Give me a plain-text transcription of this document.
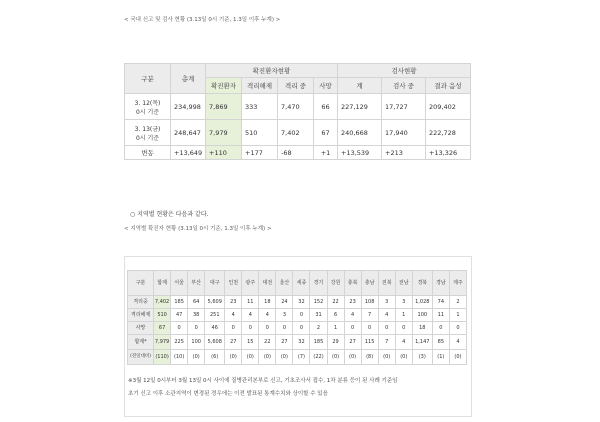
< 국내 신고 및 검사 현황 (3.13일 0시 기준, 1.3일 이후 누계) >
구분	총계	확진환자현황				검사현황		
		확진환자	격리해제	격리 중	사망	계	검사 중	결과 음성

3. 12(목)
0시 기준	234,998	7,869	333	7,470	66	227,129	17,727	209,402

3. 13(금)
0시 기준	248,647	7,979	510	7,402	67	240,668	17,940	222,728
변동	+13,649	+110	+177	-68	+1	+13,539	+213	+13,326
○ 지역별 현황은 다음과 같다.
< 지역별 확진자 현황 (3.13일 0시 기준, 1.3일 이후 누계) >
구분	합계	서울	부산	대구	인천	광주	대전	울산	세종	경기	강원	충북	충남	전북	전남	경북	경남	제주
격리중	7,402	185	64	5,609	23	11	18	24	32	152	22	23	108	3	3	1,028	74	2
격리해제	510	47	38	251	4	4	4	3	0	31	6	4	7	4	1	100	11	1
사망	67	0	0	46	0	0	0	0	0	2	1	0	0	0	0	18	0	0
합계*	7,979	225	100	5,608	27	15	22	27	32	185	29	27	115	7	4	1,147	85	4
(전일대비)	(110)	(10)	(0)	(6)	(0)	(0)	(0)	(0)	(7)	(22)	(0)	(0)	(8)	(0)	(0)	(3)	(1)	(0)
※3월 12일 0시부터 3월 13일 0시 사이에 질병관리본부로 신고, 기초조사서 접수, 1차 분류 등이 된 사례 기준임
초기 신고 이후 소관지역이 변경된 경우에는 이전 발표된 통계수치와 상이할 수 있음
